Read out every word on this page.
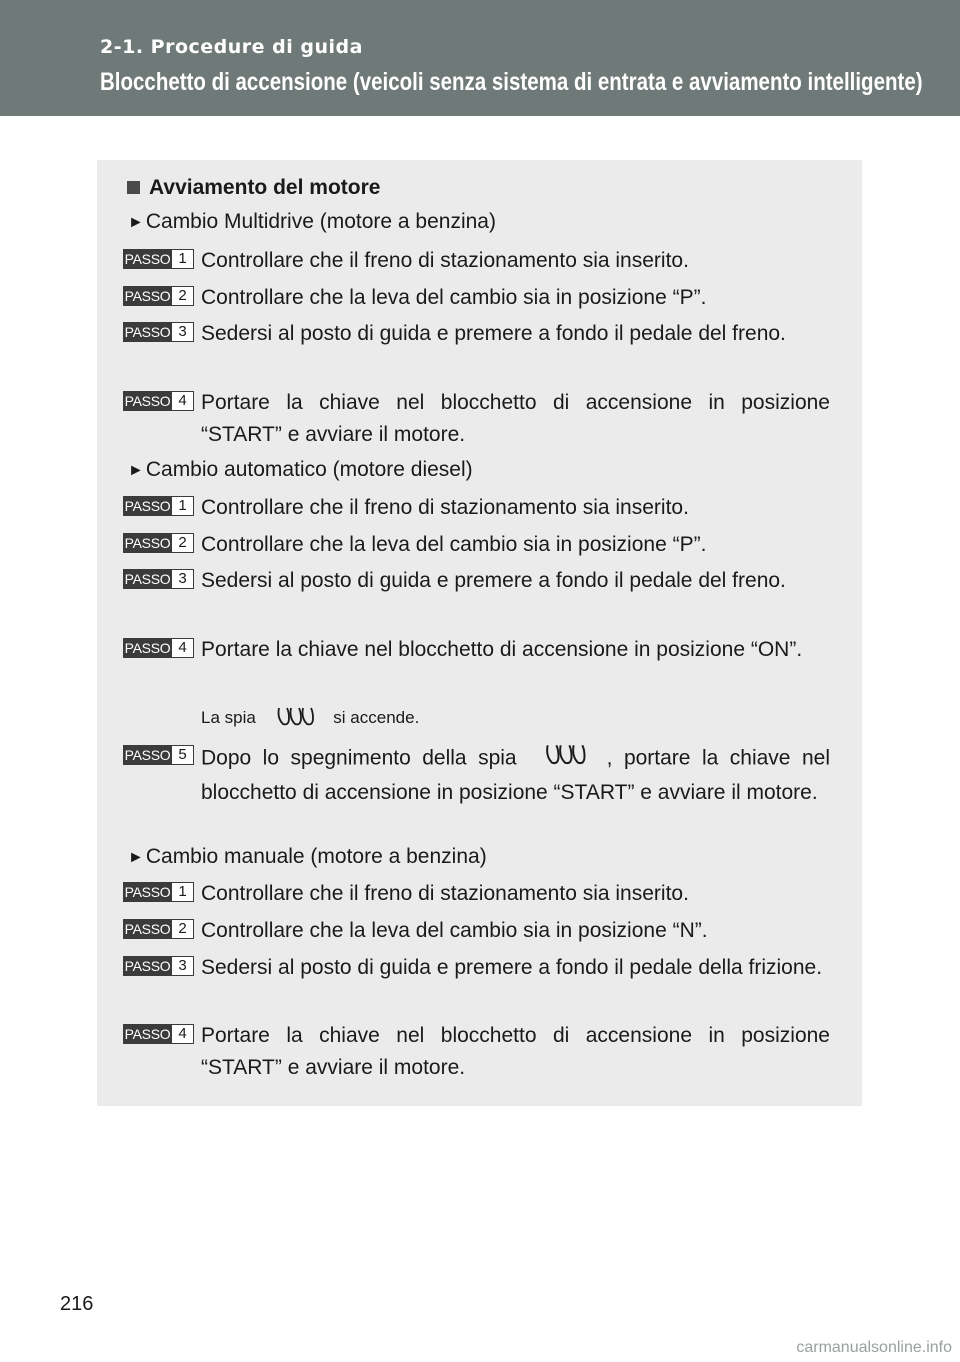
2-1. Procedure di guida
Blocchetto di accensione (veicoli senza sistema di entrata e avviamento intelligente)
Avviamento del motore
►Cambio Multidrive (motore a benzina)
PASSO 1 Controllare che il freno di stazionamento sia inserito.
PASSO 2 Controllare che la leva del cambio sia in posizione “P”.
PASSO 3 Sedersi al posto di guida e premere a fondo il pedale del freno.
PASSO 4 Portare la chiave nel blocchetto di accensione in posizione “START” e avviare il motore.
►Cambio automatico (motore diesel)
PASSO 1 Controllare che il freno di stazionamento sia inserito.
PASSO 2 Controllare che la leva del cambio sia in posizione “P”.
PASSO 3 Sedersi al posto di guida e premere a fondo il pedale del freno.
PASSO 4 Portare la chiave nel blocchetto di accensione in posizione “ON”.
La spia	si accende.
PASSO 5 Dopo lo spegnimento della spia	, portare la chiave nel blocchetto di accensione in posizione “START” e avviare il motore.
►Cambio manuale (motore a benzina)
PASSO 1 Controllare che il freno di stazionamento sia inserito.
PASSO 2 Controllare che la leva del cambio sia in posizione “N”.
PASSO 3 Sedersi al posto di guida e premere a fondo il pedale della frizione.
PASSO 4 Portare la chiave nel blocchetto di accensione in posizione “START” e avviare il motore.
216
carmanualsonline.info
